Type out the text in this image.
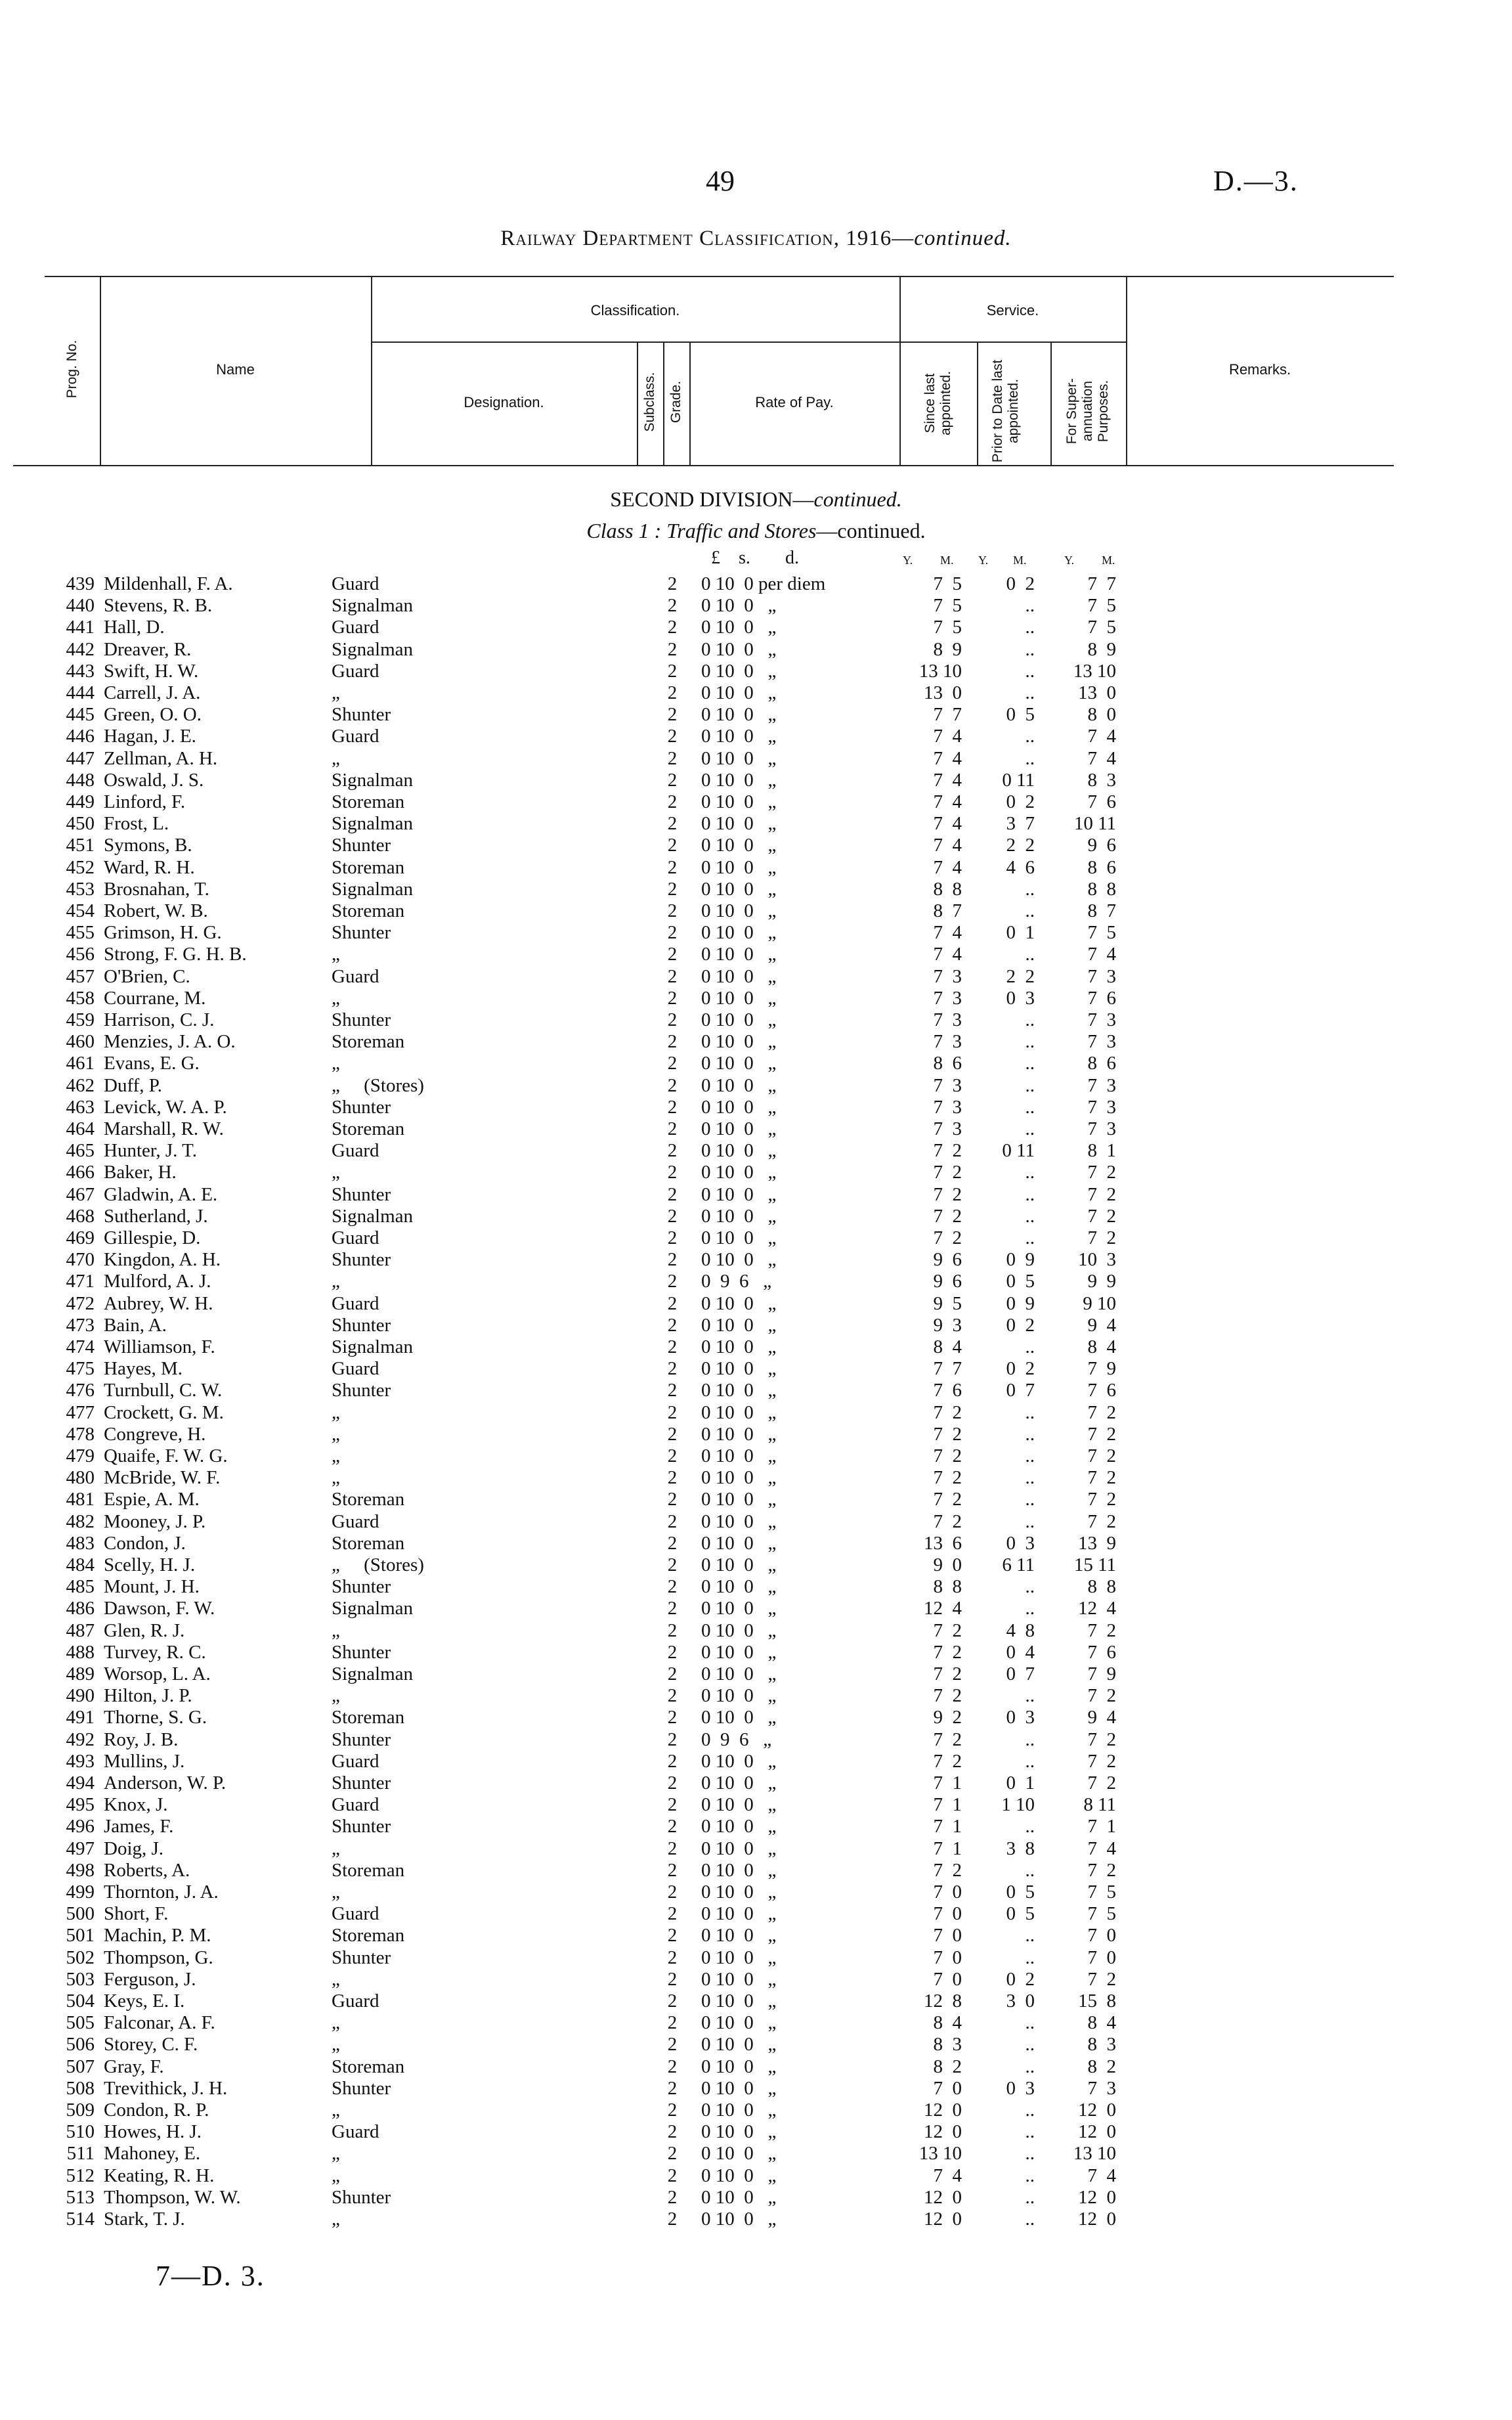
49	D.—3.
Railway Department Classification, 1916—continued.
Prog. No.	Name
Classification.
Designation.	Subclass. Grade.	Rate of Pay.
Service.
Since last appointed.	Prior to Date last appointed.	For Super-annuation Purposes.
Remarks.
SECOND DIVISION—continued.
Class 1 : Traffic and Stores—continued.
£ s. d.	Y. M. Y. M.	Y. M.
439 Mildenhall, F. A.	Guard	2 0 10  0 per diem	7  5	0  2	7  7
440 Stevens, R. B.	Signalman	2 0 10  0   „	7  5	..	7  5
441 Hall, D.	Guard	2 0 10  0   „	7  5	..	7  5
442 Dreaver, R.	Signalman	2 0 10  0   „	8  9	..	8  9
443 Swift, H. W.	Guard	2 0 10  0   „	13 10	..	13 10
444 Carrell, J. A.	„	2 0 10  0   „	13  0	..	13  0
445 Green, O. O.	Shunter	2 0 10  0   „	7  7	0  5	8  0
446 Hagan, J. E.	Guard	2 0 10  0   „	7  4	..	7  4
447 Zellman, A. H.	„	2 0 10  0   „	7  4	..	7  4
448 Oswald, J. S.	Signalman	2 0 10  0   „	7  4	0 11	8  3
449 Linford, F.	Storeman	2 0 10  0   „	7  4	0  2	7  6
450 Frost, L.	Signalman	2 0 10  0   „	7  4	3  7	10 11
451 Symons, B.	Shunter	2 0 10  0   „	7  4	2  2	9  6
452 Ward, R. H.	Storeman	2 0 10  0   „	7  4	4  6	8  6
453 Brosnahan, T.	Signalman	2 0 10  0   „	8  8	..	8  8
454 Robert, W. B.	Storeman	2 0 10  0   „	8  7	..	8  7
455 Grimson, H. G.	Shunter	2 0 10  0   „	7  4	0  1	7  5
456 Strong, F. G. H. B.	„	2 0 10  0   „	7  4	..	7  4
457 O'Brien, C.	Guard	2 0 10  0   „	7  3	2  2	7  3
458 Courrane, M.	„	2 0 10  0   „	7  3	0  3	7  6
459 Harrison, C. J.	Shunter	2 0 10  0   „	7  3	..	7  3
460 Menzies, J. A. O.	Storeman	2 0 10  0   „	7  3	..	7  3
461 Evans, E. G.	„	2 0 10  0   „	8  6	..	8  6
462 Duff, P.	„     (Stores)	2 0 10  0   „	7  3	..	7  3
463 Levick, W. A. P.	Shunter	2 0 10  0   „	7  3	..	7  3
464 Marshall, R. W.	Storeman	2 0 10  0   „	7  3	..	7  3
465 Hunter, J. T.	Guard	2 0 10  0   „	7  2	0 11	8  1
466 Baker, H.	„	2 0 10  0   „	7  2	..	7  2
467 Gladwin, A. E.	Shunter	2 0 10  0   „	7  2	..	7  2
468 Sutherland, J.	Signalman	2 0 10  0   „	7  2	..	7  2
469 Gillespie, D.	Guard	2 0 10  0   „	7  2	..	7  2
470 Kingdon, A. H.	Shunter	2 0 10  0   „	9  6	0  9	10  3
471 Mulford, A. J.	„	2 0  9  6   „	9  6	0  5	9  9
472 Aubrey, W. H.	Guard	2 0 10  0   „	9  5	0  9	9 10
473 Bain, A.	Shunter	2 0 10  0   „	9  3	0  2	9  4
474 Williamson, F.	Signalman	2 0 10  0   „	8  4	..	8  4
475 Hayes, M.	Guard	2 0 10  0   „	7  7	0  2	7  9
476 Turnbull, C. W.	Shunter	2 0 10  0   „	7  6	0  7	7  6
477 Crockett, G. M.	„	2 0 10  0   „	7  2	..	7  2
478 Congreve, H.	„	2 0 10  0   „	7  2	..	7  2
479 Quaife, F. W. G.	„	2 0 10  0   „	7  2	..	7  2
480 McBride, W. F.	„	2 0 10  0   „	7  2	..	7  2
481 Espie, A. M.	Storeman	2 0 10  0   „	7  2	..	7  2
482 Mooney, J. P.	Guard	2 0 10  0   „	7  2	..	7  2
483 Condon, J.	Storeman	2 0 10  0   „	13  6	0  3	13  9
484 Scelly, H. J.	„     (Stores)	2 0 10  0   „	9  0	6 11	15 11
485 Mount, J. H.	Shunter	2 0 10  0   „	8  8	..	8  8
486 Dawson, F. W.	Signalman	2 0 10  0   „	12  4	..	12  4
487 Glen, R. J.	„	2 0 10  0   „	7  2	4  8	7  2
488 Turvey, R. C.	Shunter	2 0 10  0   „	7  2	0  4	7  6
489 Worsop, L. A.	Signalman	2 0 10  0   „	7  2	0  7	7  9
490 Hilton, J. P.	„	2 0 10  0   „	7  2	..	7  2
491 Thorne, S. G.	Storeman	2 0 10  0   „	9  2	0  3	9  4
492 Roy, J. B.	Shunter	2 0  9  6   „	7  2	..	7  2
493 Mullins, J.	Guard	2 0 10  0   „	7  2	..	7  2
494 Anderson, W. P.	Shunter	2 0 10  0   „	7  1	0  1	7  2
495 Knox, J.	Guard	2 0 10  0   „	7  1	1 10	8 11
496 James, F.	Shunter	2 0 10  0   „	7  1	..	7  1
497 Doig, J.	„	2 0 10  0   „	7  1	3  8	7  4
498 Roberts, A.	Storeman	2 0 10  0   „	7  2	..	7  2
499 Thornton, J. A.	„	2 0 10  0   „	7  0	0  5	7  5
500 Short, F.	Guard	2 0 10  0   „	7  0	0  5	7  5
501 Machin, P. M.	Storeman	2 0 10  0   „	7  0	..	7  0
502 Thompson, G.	Shunter	2 0 10  0   „	7  0	..	7  0
503 Ferguson, J.	„	2 0 10  0   „	7  0	0  2	7  2
504 Keys, E. I.	Guard	2 0 10  0   „	12  8	3  0	15  8
505 Falconar, A. F.	„	2 0 10  0   „	8  4	..	8  4
506 Storey, C. F.	„	2 0 10  0   „	8  3	..	8  3
507 Gray, F.	Storeman	2 0 10  0   „	8  2	..	8  2
508 Trevithick, J. H.	Shunter	2 0 10  0   „	7  0	0  3	7  3
509 Condon, R. P.	„	2 0 10  0   „	12  0	..	12  0
510 Howes, H. J.	Guard	2 0 10  0   „	12  0	..	12  0
511 Mahoney, E.	„	2 0 10  0   „	13 10	..	13 10
512 Keating, R. H.	„	2 0 10  0   „	7  4	..	7  4
513 Thompson, W. W.	Shunter	2 0 10  0   „	12  0	..	12  0
514 Stark, T. J.	„	2 0 10  0   „	12  0	..	12  0
7—D. 3.
